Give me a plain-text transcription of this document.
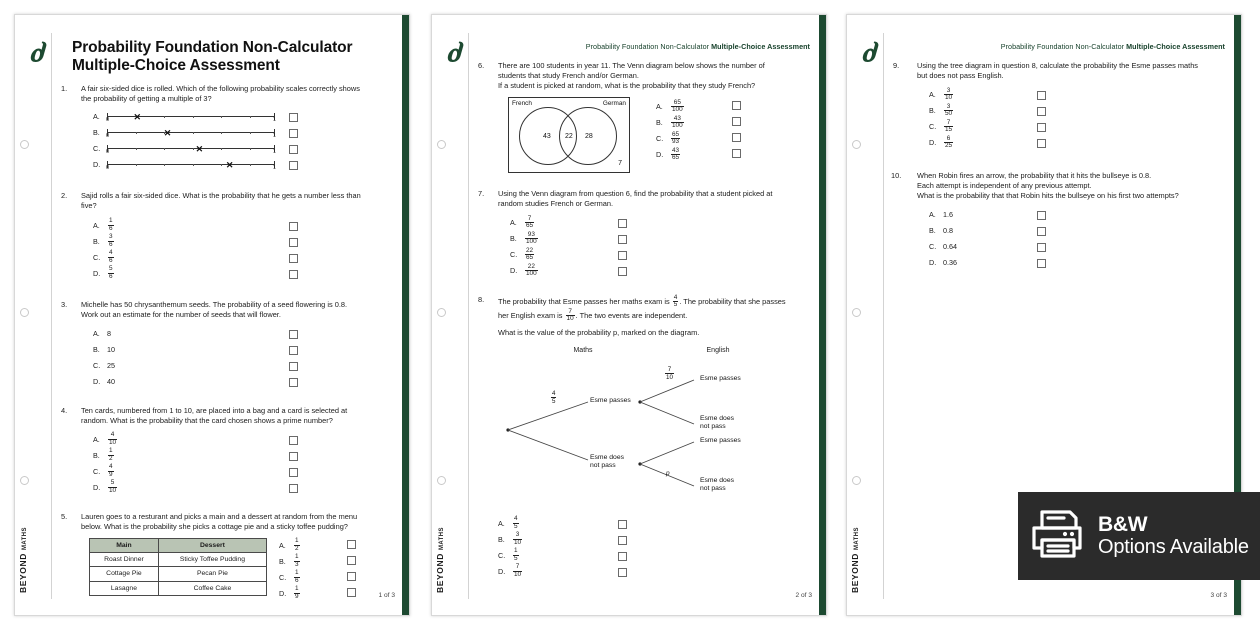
ძ
BEYONDMATHS
Probability Foundation Non-Calculator
Multiple-Choice Assessment
1. A fair six-sided dice is rolled. Which of the following probability scales correctly shows
the probability of getting a multiple of 3?
A.	0	1
✕
B.	0	1
✕
C.	0	1
✕
D.	0	1
✕
2. Sajid rolls a fair six-sided dice. What is the probability that he gets a number less than
five?
A.	$\frac{1}{6}$
B.	$\frac{3}{6}$
C.	$\frac{4}{6}$
D.	$\frac{5}{6}$
3. Michelle has 50 chrysanthemum seeds. The probability of a seed flowering is 0.8.
Work out an estimate for the number of seeds that will flower.
A.	8
B.	10
C. 25
D. 40
4. Ten cards, numbered from 1 to 10, are placed into a bag and a card is selected at
random. What is the probability that the card chosen shows a prime number?
A.	$\frac{4}{10}$
B.	$\frac{1}{2}$
C.	$\frac{4}{9}$
D.	$\frac{5}{10}$
5. Lauren goes to a resturant and picks a main and a dessert at random from the menu
below. What is the probability she picks a cottage pie and a sticky toffee pudding?
Main	Dessert
Roast Dinner	Sticky Toffee Pudding
Cottage Pie	Pecan Pie
Lasagne	Coffee Cake
A.	$\frac{1}{2}$
B.	$\frac{1}{3}$
C.	$\frac{1}{6}$
D.	$\frac{1}{9}$	1 of 3
ძ
BEYONDMATHS
Probability Foundation Non-Calculator Multiple-Choice Assessment
6. There are 100 students in year 11. The Venn diagram below shows the number of
students that study French and/or German.
If a student is picked at random, what is the probability that they study French?
French	German
43 22 28
7
A.	$\frac{65}{100}$
B.	$\frac{43}{100}$
C.	$\frac{65}{93}$
D.	$\frac{43}{65}$
7. Using the Venn diagram from question 6, find the probability that a student picked at
random studies French or German.
A.	$\frac{7}{65}$
B.	$\frac{93}{100}$
C.	$\frac{22}{65}$
D.	$\frac{22}{100}$
8. The probability that Esme passes her maths exam is $\frac{4}{5}$ . The probability that she passes
her English exam is $\frac{7}{10}$ . The two events are independent.
What is the value of the probability p, marked on the diagram.
Maths	English
$\frac{4}{5}$
$\frac{7}{10}$
p
Esme passes
Esme does
not pass
Esme passes
Esme does
not pass
Esme passes
Esme does
not pass
A.	$\frac{4}{5}$
B.	$\frac{3}{10}$
C.	$\frac{1}{5}$
D.	$\frac{7}{10}$
2 of 3
ძ
BEYONDMATHS
Probability Foundation Non-Calculator Multiple-Choice Assessment
9. Using the tree diagram in question 8, calculate the probability the Esme passes maths
but does not pass English.
A.	$\frac{3}{10}$
B.	$\frac{3}{50}$
C.	$\frac{7}{15}$
D.	$\frac{6}{25}$
10. When Robin fires an arrow, the probability that it hits the bullseye is 0.8.
Each attempt is independent of any previous attempt.
What is the probability that that Robin hits the bullseye on his first two attempts?
A.	1.6
B.	0.8
C. 0.64
D. 0.36
3 of 3
B&W
Options Available
